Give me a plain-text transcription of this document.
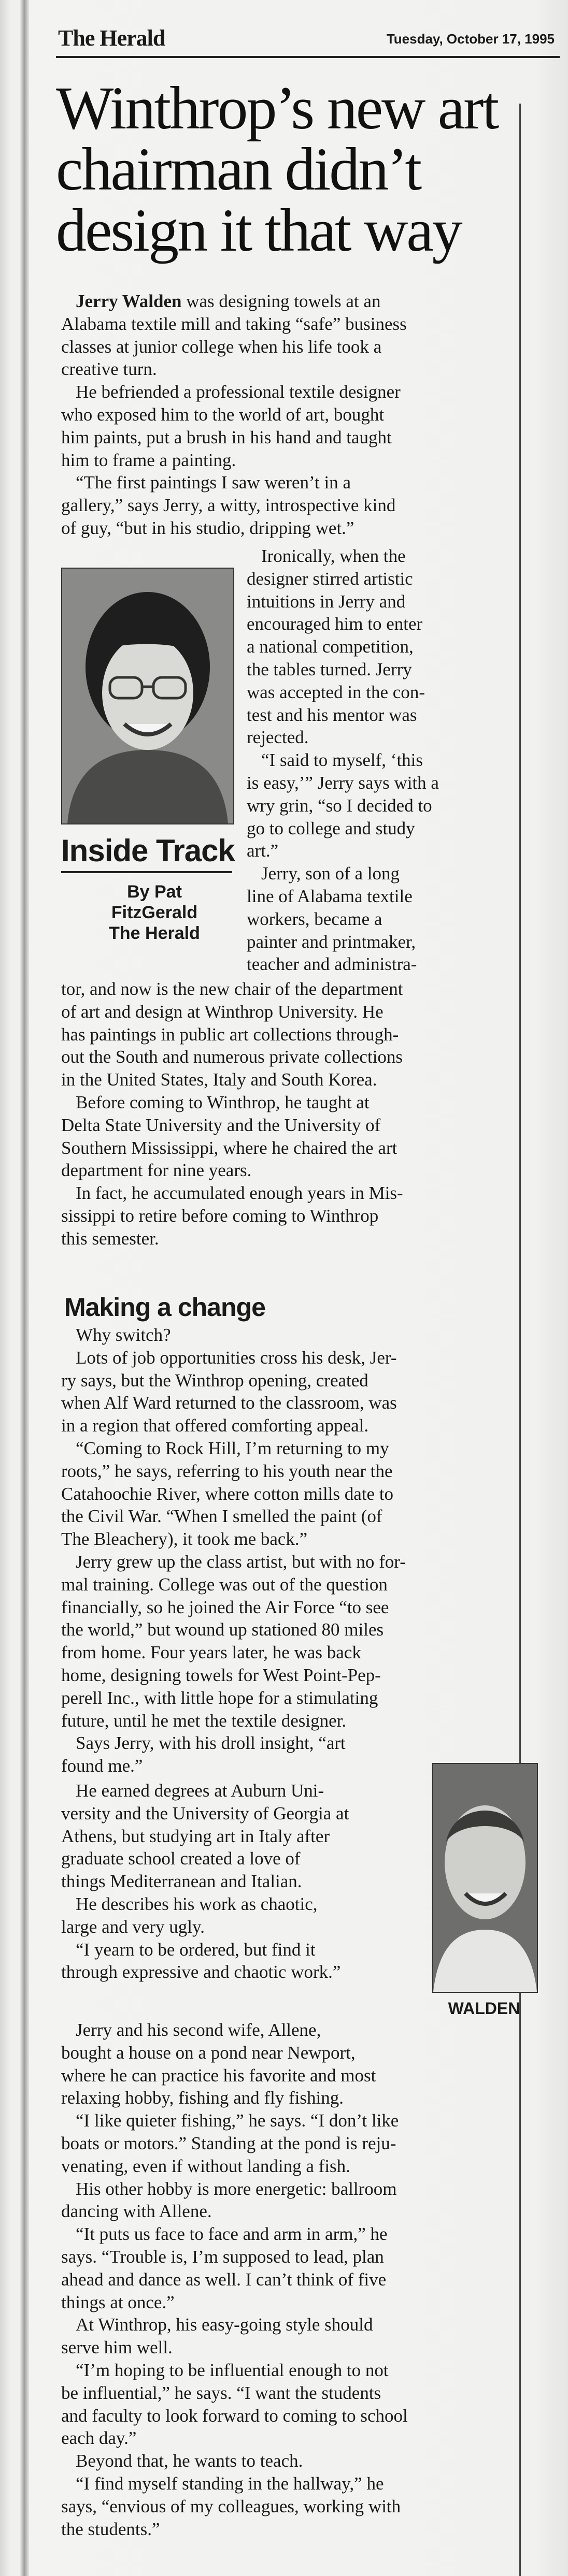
The Herald	Tuesday, October 17, 1995
Winthrop’s new art
chairman didn’t
design it that way
Jerry Walden was designing towels at an
Alabama textile mill and taking “safe” business
classes at junior college when his life took a
creative turn.
He befriended a professional textile designer
who exposed him to the world of art, bought
him paints, put a brush in his hand and taught
him to frame a painting.
“The first paintings I saw weren’t in a
gallery,” says Jerry, a witty, introspective kind
of guy, “but in his studio, dripping wet.”
Inside Track
By Pat
FitzGerald
The Herald
Ironically, when the
designer stirred artistic
intuitions in Jerry and
encouraged him to enter
a national competition,
the tables turned. Jerry
was accepted in the con-
test and his mentor was
rejected.
“I said to myself, ‘this
is easy,’” Jerry says with a
wry grin, “so I decided to
go to college and study
art.”
Jerry, son of a long
line of Alabama textile
workers, became a
painter and printmaker,
teacher and administra-
tor, and now is the new chair of the department
of art and design at Winthrop University. He
has paintings in public art collections through-
out the South and numerous private collections
in the United States, Italy and South Korea.
Before coming to Winthrop, he taught at
Delta State University and the University of
Southern Mississippi, where he chaired the art
department for nine years.
In fact, he accumulated enough years in Mis-
sissippi to retire before coming to Winthrop
this semester.
Making a change
Why switch?
Lots of job opportunities cross his desk, Jer-
ry says, but the Winthrop opening, created
when Alf Ward returned to the classroom, was
in a region that offered comforting appeal.
“Coming to Rock Hill, I’m returning to my
roots,” he says, referring to his youth near the
Catahoochie River, where cotton mills date to
the Civil War. “When I smelled the paint (of
The Bleachery), it took me back.”
Jerry grew up the class artist, but with no for-
mal training. College was out of the question
financially, so he joined the Air Force “to see
the world,” but wound up stationed 80 miles
from home. Four years later, he was back
home, designing towels for West Point-Pep-
perell Inc., with little hope for a stimulating
future, until he met the textile designer.
Says Jerry, with his droll insight, “art
found me.”
WALDEN
He earned degrees at Auburn Uni-
versity and the University of Georgia at
Athens, but studying art in Italy after
graduate school created a love of
things Mediterranean and Italian.
He describes his work as chaotic,
large and very ugly.
“I yearn to be ordered, but find it
through expressive and chaotic work.”
Jerry and his second wife, Allene,
bought a house on a pond near Newport,
where he can practice his favorite and most
relaxing hobby, fishing and fly fishing.
“I like quieter fishing,” he says. “I don’t like
boats or motors.” Standing at the pond is reju-
venating, even if without landing a fish.
His other hobby is more energetic: ballroom
dancing with Allene.
“It puts us face to face and arm in arm,” he
says. “Trouble is, I’m supposed to lead, plan
ahead and dance as well. I can’t think of five
things at once.”
At Winthrop, his easy-going style should
serve him well.
“I’m hoping to be influential enough to not
be influential,” he says. “I want the students
and faculty to look forward to coming to school
each day.”
Beyond that, he wants to teach.
“I find myself standing in the hallway,” he
says, “envious of my colleagues, working with
the students.”
